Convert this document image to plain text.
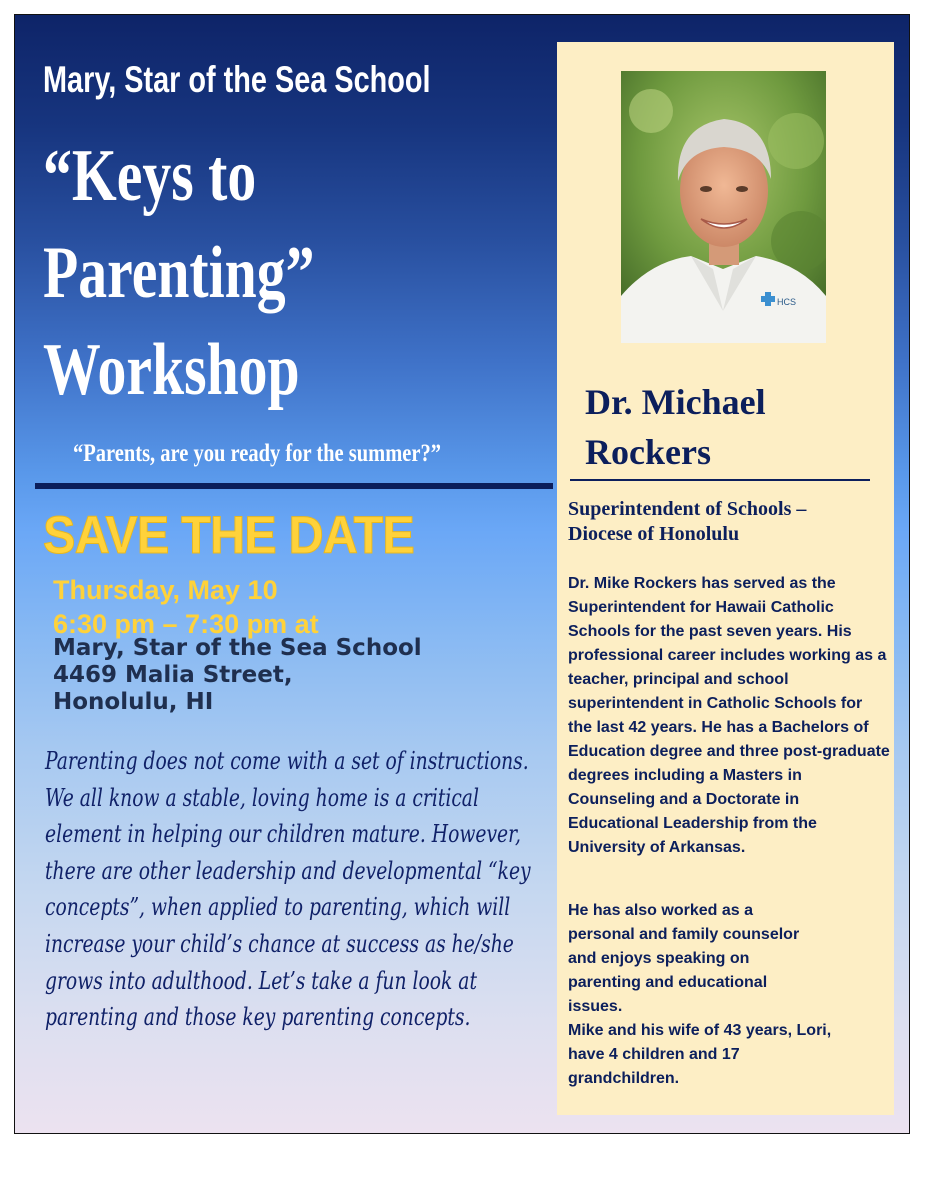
Mary, Star of the Sea School
“Keys to
Parenting”
Workshop
“Parents, are you ready for the summer?”
SAVE THE DATE
Thursday, May 10
6:30 pm – 7:30 pm at
Mary, Star of the Sea School
4469 Malia Street,
Honolulu, HI
Parenting does not come with a set of instructions. We all know a stable, loving home is a critical element in helping our children mature. However, there are other leadership and developmental “key concepts”, when applied to parenting, which will increase your child’s chance at success as he/she grows into adulthood. Let’s take a fun look at parenting and those key parenting concepts.
HCS
Dr. Michael
Rockers
Superintendent of Schools –
Diocese of Honolulu

Dr. Mike Rockers has served as the Superintendent for Hawaii Catholic Schools for the past seven years. His professional career includes working as a teacher, principal and school superintendent in Catholic Schools for the last 42 years. He has a Bachelors of Education degree and three post-graduate degrees including a Masters in Counseling and a Doctorate in Educational Leadership from the University of Arkansas.

He has also worked as a personal and family counselor and enjoys speaking on parenting and educational issues.

Mike and his wife of 43 years, Lori, have 4 children and 17 grandchildren.
